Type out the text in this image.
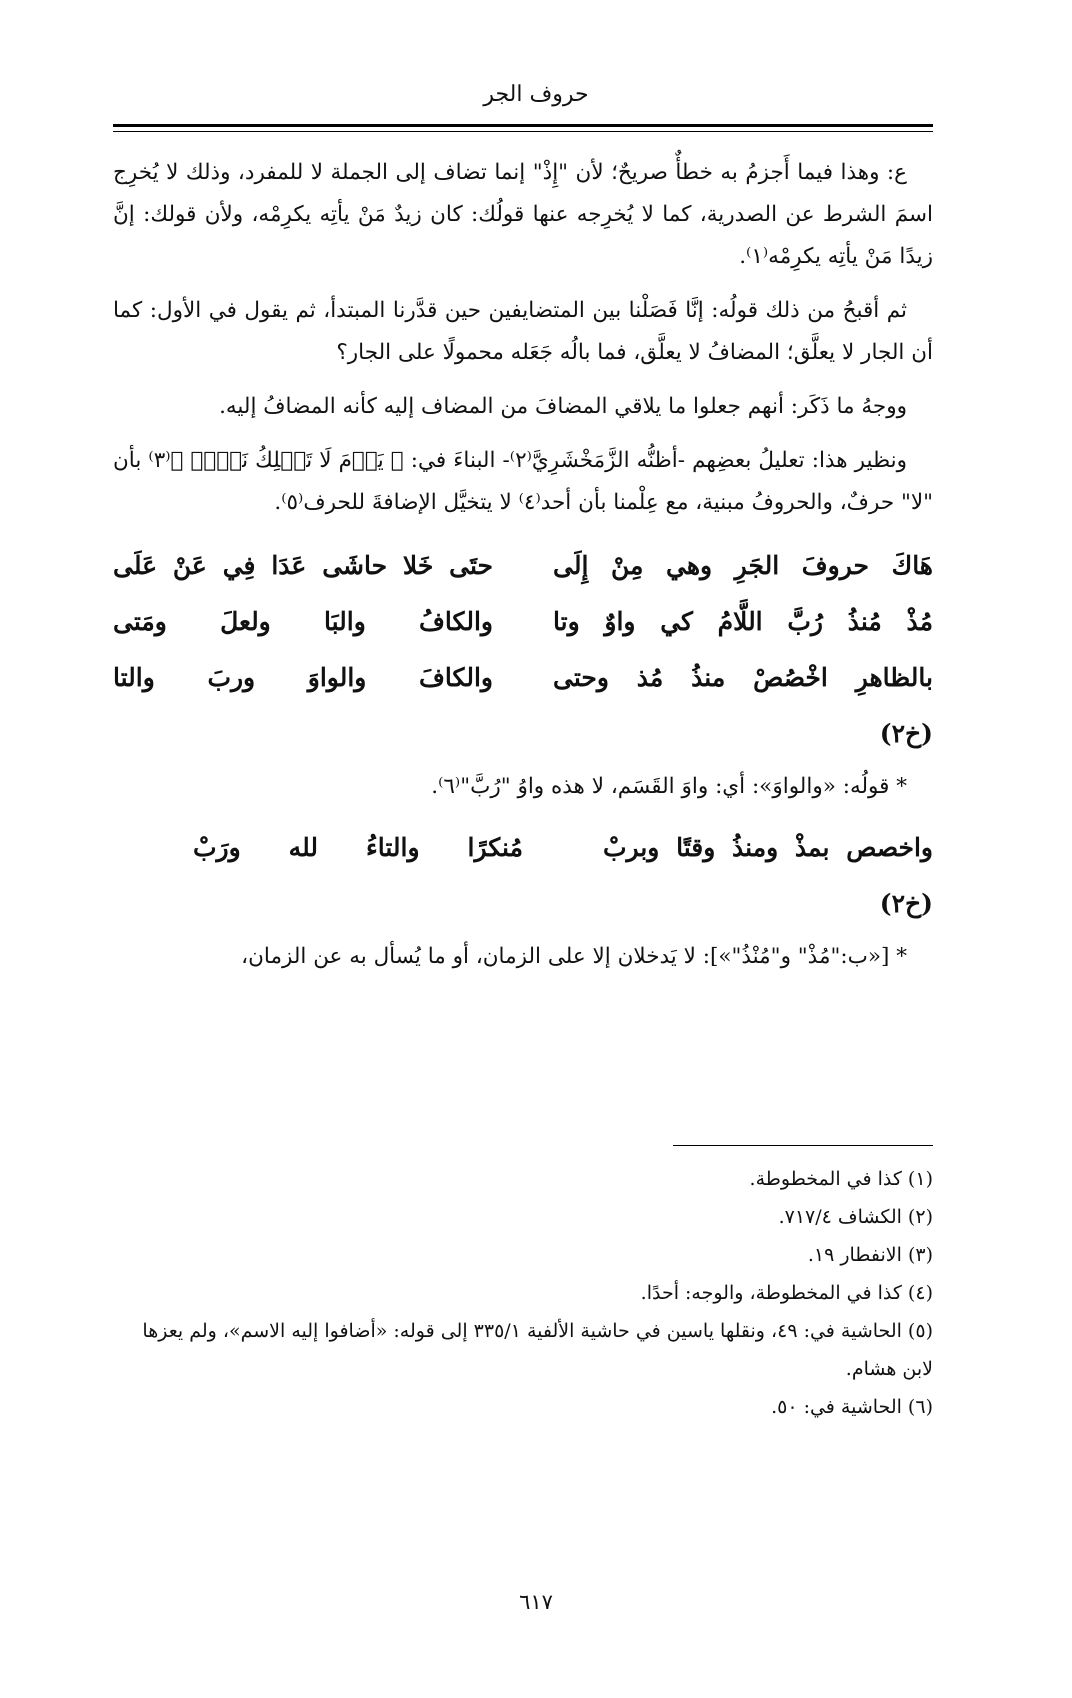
حروف الجر

ع: وهذا فيما أَجزمُ به خطأٌ صريحٌ؛ لأن "إِذْ" إنما تضاف إلى الجملة لا للمفرد، وذلك لا يُخرِج اسمَ الشرط عن الصدرية، كما لا يُخرِجه عنها قولُك: كان زيدٌ مَنْ يأتِه يكرِمْه، ولأن قولك: إنَّ زيدًا مَنْ يأتِه يكرِمْه⁽١⁾.

ثم أقبحُ من ذلك قولُه: إنَّا فَصَلْنا بين المتضايفين حين قدَّرنا المبتدأ، ثم يقول في الأول: كما أن الجار لا يعلَّق؛ المضافُ لا يعلَّق، فما بالُه جَعَله محمولًا على الجار؟

ووجهُ ما ذَكَر: أنهم جعلوا ما يلاقي المضافَ من المضاف إليه كأنه المضافُ إليه.

ونظير هذا: تعليلُ بعضِهم -أظنُّه الزَّمَخْشَرِيَّ⁽٢⁾- البناءَ في: ﴿ يَوۡمَ لَا تَمۡلِكُ نَفۡسٞ ﴾⁽٣⁾ بأن "لا" حرفٌ، والحروفُ مبنية، مع عِلْمنا بأن أحد⁽٤⁾ لا يتخيَّل الإضافةَ للحرف⁽٥⁾.

هَاكَ حروفَ الجَرِ وهي مِنْ إِلَى
حتَى خَلا حاشَى عَدَا فِي عَنْ عَلَى
مُذْ مُنذُ رُبَّ اللَّامُ كي واوٌ وتا
والكافُ والبَا ولعلَ ومَتى
بالظاهرِ اخْصُصْ منذُ مُذ وحتى
والكافَ والواوَ وربَ والتا
(خ٢)

* قولُه: «والواوَ»: أي: واوَ القَسَم، لا هذه واوُ "رُبَّ"⁽٦⁾.

واخصص بمذْ ومنذُ وقتًا وبربْ
مُنكرًا والتاءُ لله ورَبْ
(خ٢)

* [«ب:"مُذْ" و"مُنْذُ"»]: لا يَدخلان إلا على الزمان، أو ما يُسأل به عن الزمان،

(١) كذا في المخطوطة.
(٢) الكشاف ٧١٧/٤.
(٣) الانفطار ١٩.
(٤) كذا في المخطوطة، والوجه: أحدًا.
(٥) الحاشية في: ٤٩، ونقلها ياسين في حاشية الألفية ٣٣٥/١ إلى قوله: «أضافوا إليه الاسم»، ولم يعزها لابن هشام.
(٦) الحاشية في: ٥٠.
٦١٧
